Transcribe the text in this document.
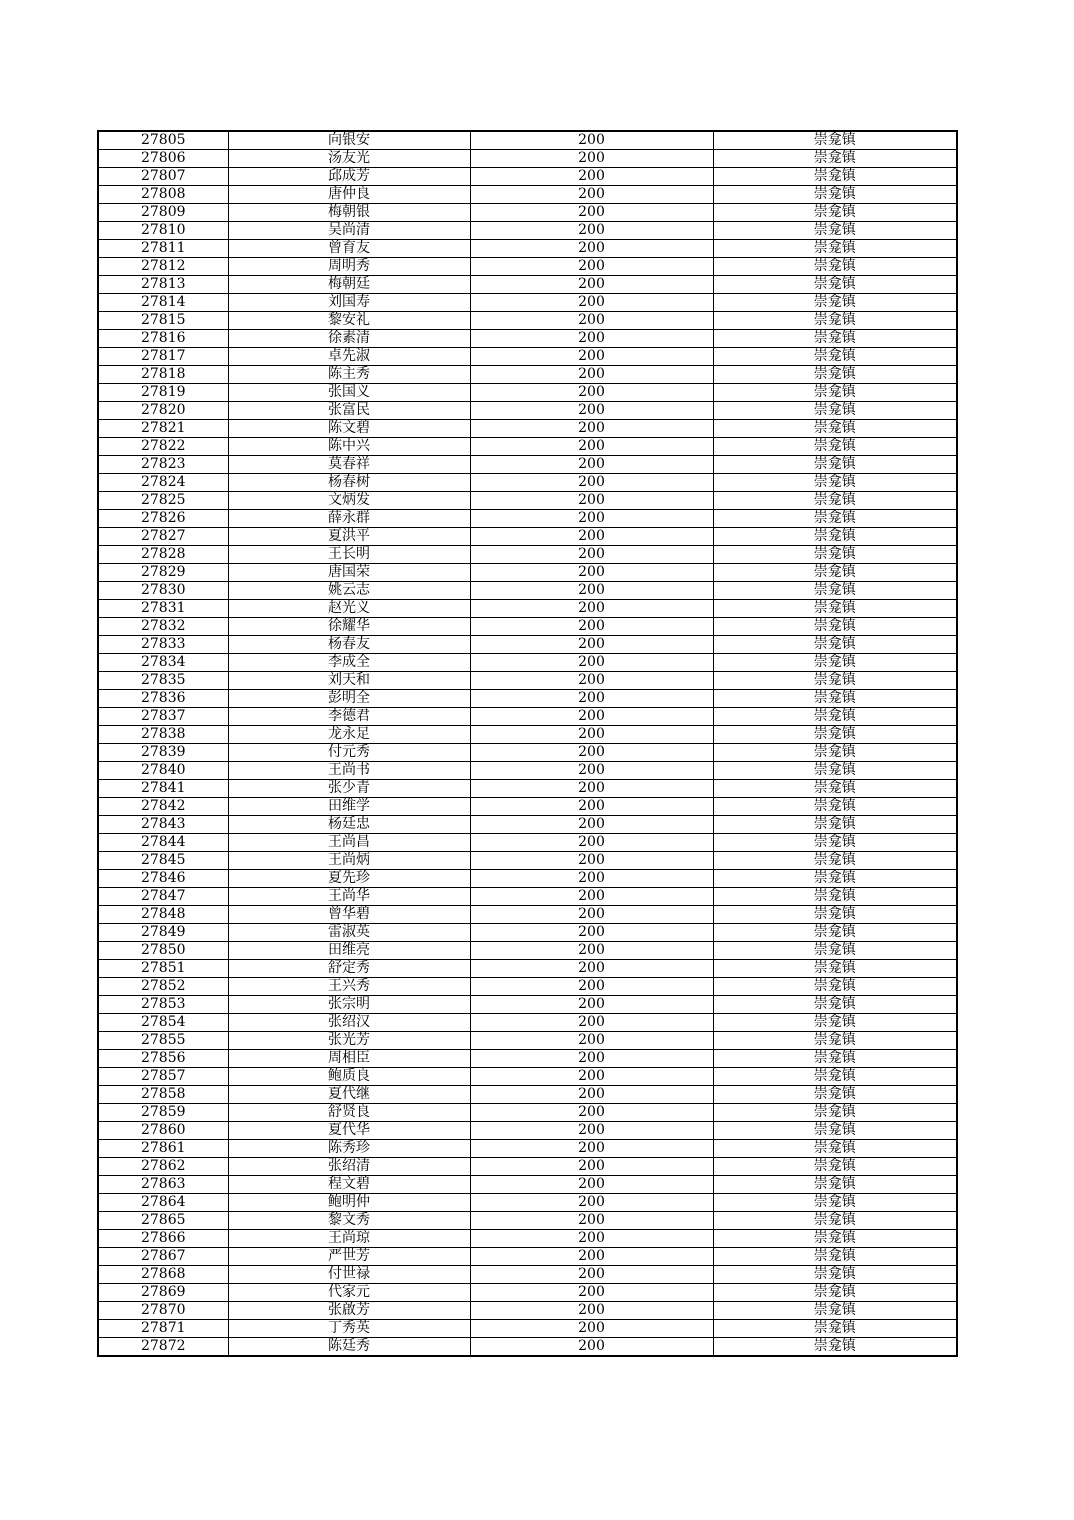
27805	向银安	200	崇龛镇
27806	汤友光	200	崇龛镇
27807	邱成芳	200	崇龛镇
27808	唐仲良	200	崇龛镇
27809	梅朝银	200	崇龛镇
27810	吴尚清	200	崇龛镇
27811	曾育友	200	崇龛镇
27812	周明秀	200	崇龛镇
27813	梅朝廷	200	崇龛镇
27814	刘国寿	200	崇龛镇
27815	黎安礼	200	崇龛镇
27816	徐素清	200	崇龛镇
27817	卓先淑	200	崇龛镇
27818	陈主秀	200	崇龛镇
27819	张国义	200	崇龛镇
27820	张富民	200	崇龛镇
27821	陈文碧	200	崇龛镇
27822	陈中兴	200	崇龛镇
27823	莫春祥	200	崇龛镇
27824	杨春树	200	崇龛镇
27825	文炳发	200	崇龛镇
27826	薛永群	200	崇龛镇
27827	夏洪平	200	崇龛镇
27828	王长明	200	崇龛镇
27829	唐国荣	200	崇龛镇
27830	姚云志	200	崇龛镇
27831	赵光义	200	崇龛镇
27832	徐耀华	200	崇龛镇
27833	杨春友	200	崇龛镇
27834	李成全	200	崇龛镇
27835	刘天和	200	崇龛镇
27836	彭明全	200	崇龛镇
27837	李德君	200	崇龛镇
27838	龙永足	200	崇龛镇
27839	付元秀	200	崇龛镇
27840	王尚书	200	崇龛镇
27841	张少青	200	崇龛镇
27842	田维学	200	崇龛镇
27843	杨廷忠	200	崇龛镇
27844	王尚昌	200	崇龛镇
27845	王尚炳	200	崇龛镇
27846	夏先珍	200	崇龛镇
27847	王尚华	200	崇龛镇
27848	曾华碧	200	崇龛镇
27849	雷淑英	200	崇龛镇
27850	田维亮	200	崇龛镇
27851	舒定秀	200	崇龛镇
27852	王兴秀	200	崇龛镇
27853	张宗明	200	崇龛镇
27854	张绍汉	200	崇龛镇
27855	张光芳	200	崇龛镇
27856	周相臣	200	崇龛镇
27857	鲍质良	200	崇龛镇
27858	夏代继	200	崇龛镇
27859	舒贤良	200	崇龛镇
27860	夏代华	200	崇龛镇
27861	陈秀珍	200	崇龛镇
27862	张绍清	200	崇龛镇
27863	程文碧	200	崇龛镇
27864	鲍明仲	200	崇龛镇
27865	黎文秀	200	崇龛镇
27866	王尚琼	200	崇龛镇
27867	严世芳	200	崇龛镇
27868	付世禄	200	崇龛镇
27869	代家元	200	崇龛镇
27870	张啟芳	200	崇龛镇
27871	丁秀英	200	崇龛镇
27872	陈廷秀	200	崇龛镇
